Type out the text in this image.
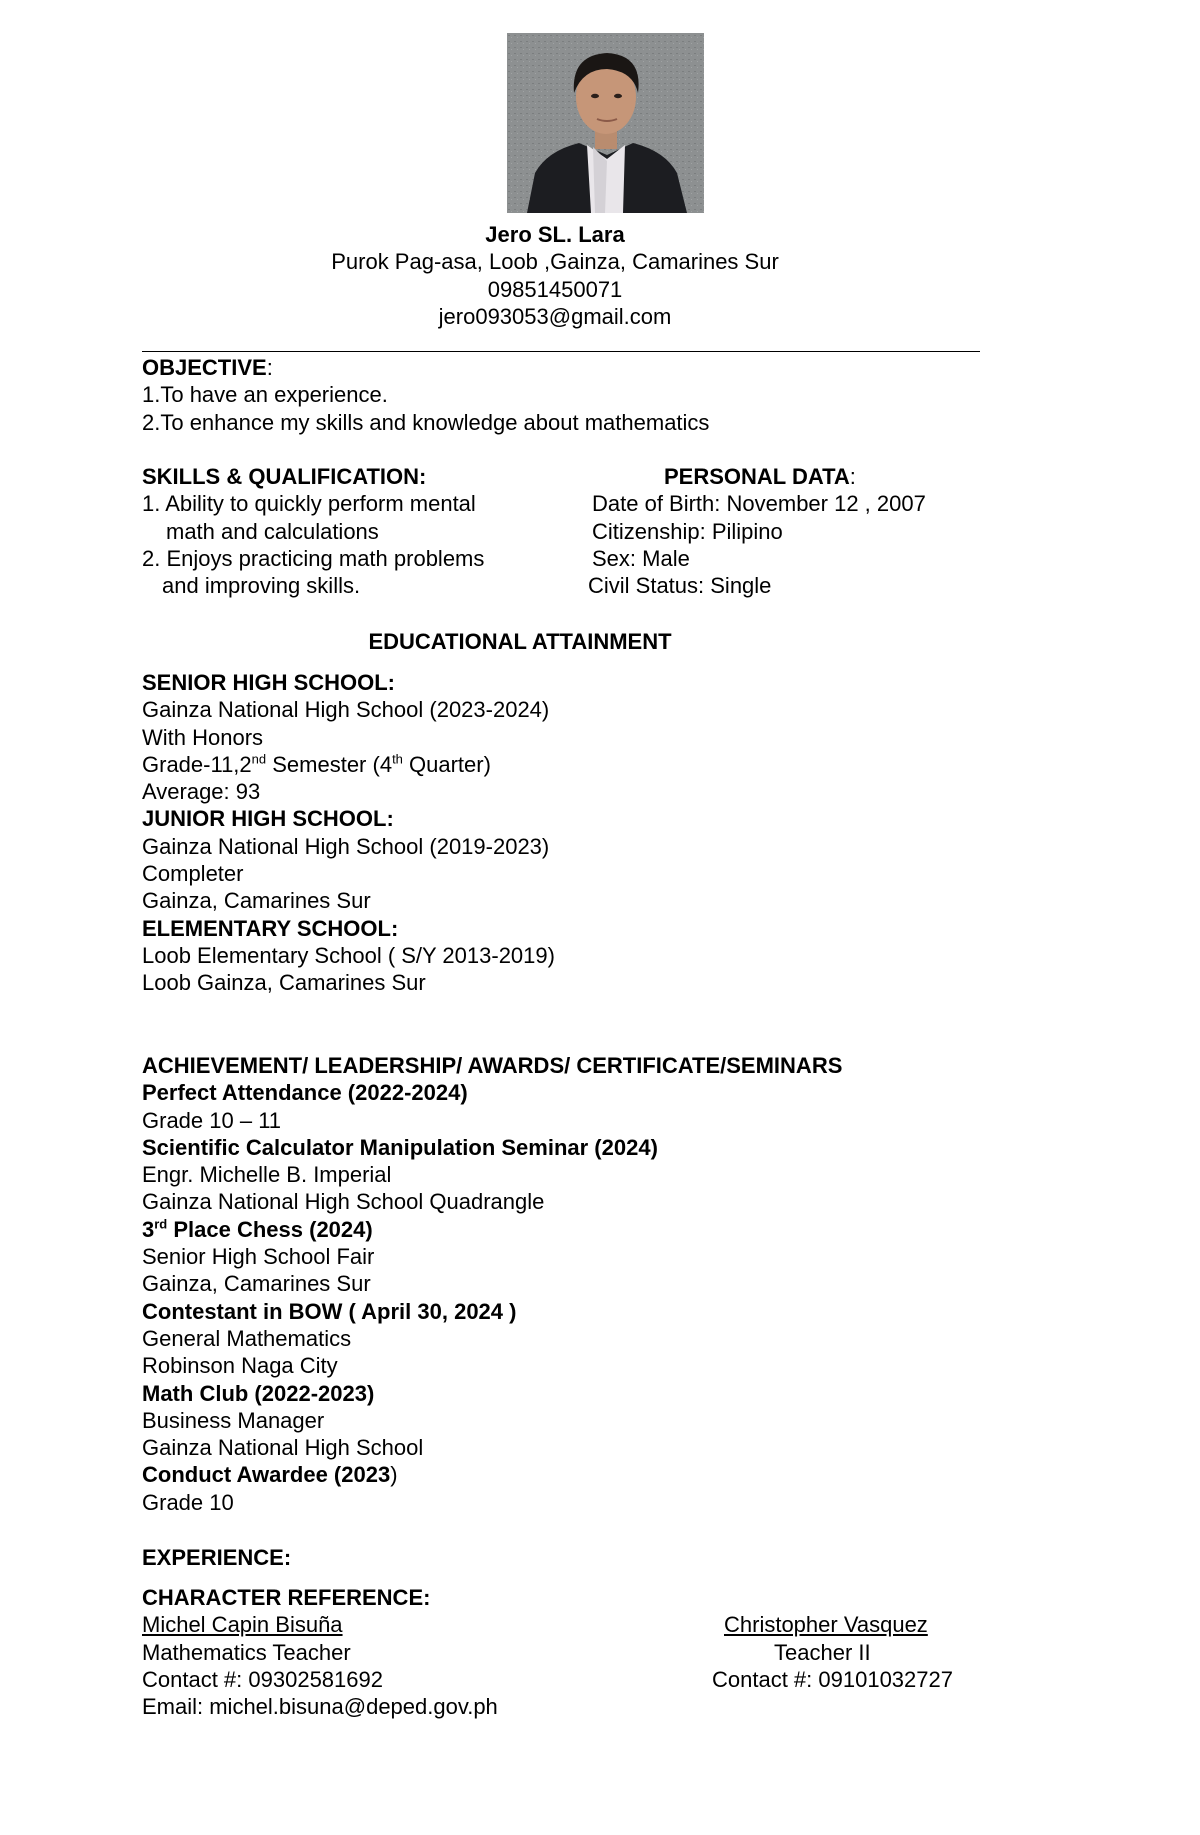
Jero SL. Lara
Purok Pag-asa, Loob ,Gainza, Camarines Sur
09851450071
jero093053@gmail.com
OBJECTIVE:
1.To have an experience.
2.To enhance my skills and knowledge about mathematics
SKILLS & QUALIFICATION:
1. Ability to quickly perform mental
math and calculations
2. Enjoys practicing math problems
and improving skills.
PERSONAL DATA:
Date of Birth: November 12 , 2007
Citizenship: Pilipino
Sex: Male
Civil Status: Single
EDUCATIONAL ATTAINMENT
SENIOR HIGH SCHOOL:
Gainza National High School (2023-2024)
With Honors
Grade-11,2nd Semester (4th Quarter)
Average: 93
JUNIOR HIGH SCHOOL:
Gainza National High School (2019-2023)
Completer
Gainza, Camarines Sur
ELEMENTARY SCHOOL:
Loob Elementary School ( S/Y 2013-2019)
Loob Gainza, Camarines Sur
ACHIEVEMENT/ LEADERSHIP/ AWARDS/ CERTIFICATE/SEMINARS
Perfect Attendance (2022-2024)
Grade 10 – 11
Scientific Calculator Manipulation Seminar (2024)
Engr. Michelle B. Imperial
Gainza National High School Quadrangle
3rd Place Chess (2024)
Senior High School Fair
Gainza, Camarines Sur
Contestant in BOW ( April 30, 2024 )
General Mathematics
Robinson Naga City
Math Club (2022-2023)
Business Manager
Gainza National High School
Conduct Awardee (2023)
Grade 10
EXPERIENCE:
CHARACTER REFERENCE:
Michel Capin Bisuña
Mathematics Teacher
Contact #: 09302581692
Email: michel.bisuna@deped.gov.ph
Christopher Vasquez
Teacher II
Contact #: 09101032727
